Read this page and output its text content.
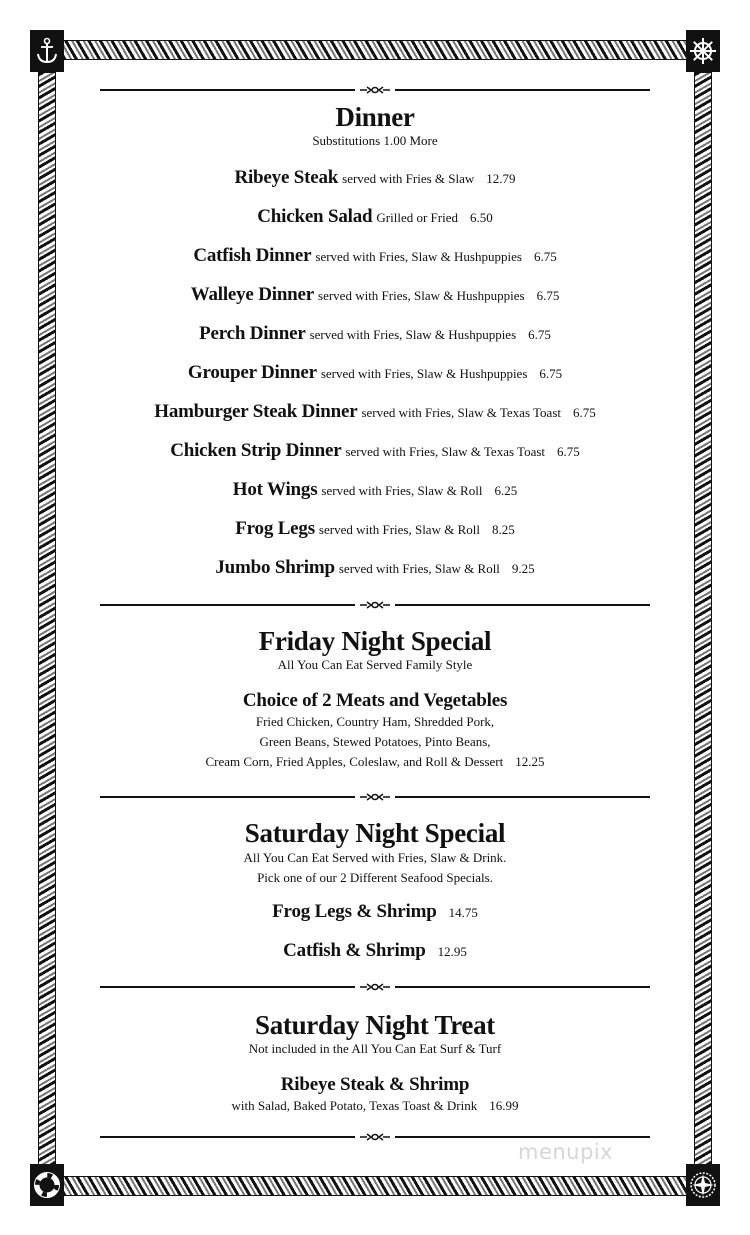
Dinner
Substitutions 1.00 More
Ribeye Steak served with Fries & Slaw 12.79
Chicken Salad Grilled or Fried 6.50
Catfish Dinner served with Fries, Slaw & Hushpuppies 6.75
Walleye Dinner served with Fries, Slaw & Hushpuppies 6.75
Perch Dinner served with Fries, Slaw & Hushpuppies 6.75
Grouper Dinner served with Fries, Slaw & Hushpuppies 6.75
Hamburger Steak Dinner served with Fries, Slaw & Texas Toast 6.75
Chicken Strip Dinner served with Fries, Slaw & Texas Toast 6.75
Hot Wings served with Fries, Slaw & Roll 6.25
Frog Legs served with Fries, Slaw & Roll 8.25
Jumbo Shrimp served with Fries, Slaw & Roll 9.25
Friday Night Special
All You Can Eat Served Family Style
Choice of 2 Meats and Vegetables
Fried Chicken, Country Ham, Shredded Pork,
Green Beans, Stewed Potatoes, Pinto Beans,
Cream Corn, Fried Apples, Coleslaw, and Roll & Dessert 12.25
Saturday Night Special
All You Can Eat Served with Fries, Slaw & Drink.
Pick one of our 2 Different Seafood Specials.
Frog Legs & Shrimp 14.75
Catfish & Shrimp 12.95
Saturday Night Treat
Not included in the All You Can Eat Surf & Turf
Ribeye Steak & Shrimp
with Salad, Baked Potato, Texas Toast & Drink 16.99
menupix
